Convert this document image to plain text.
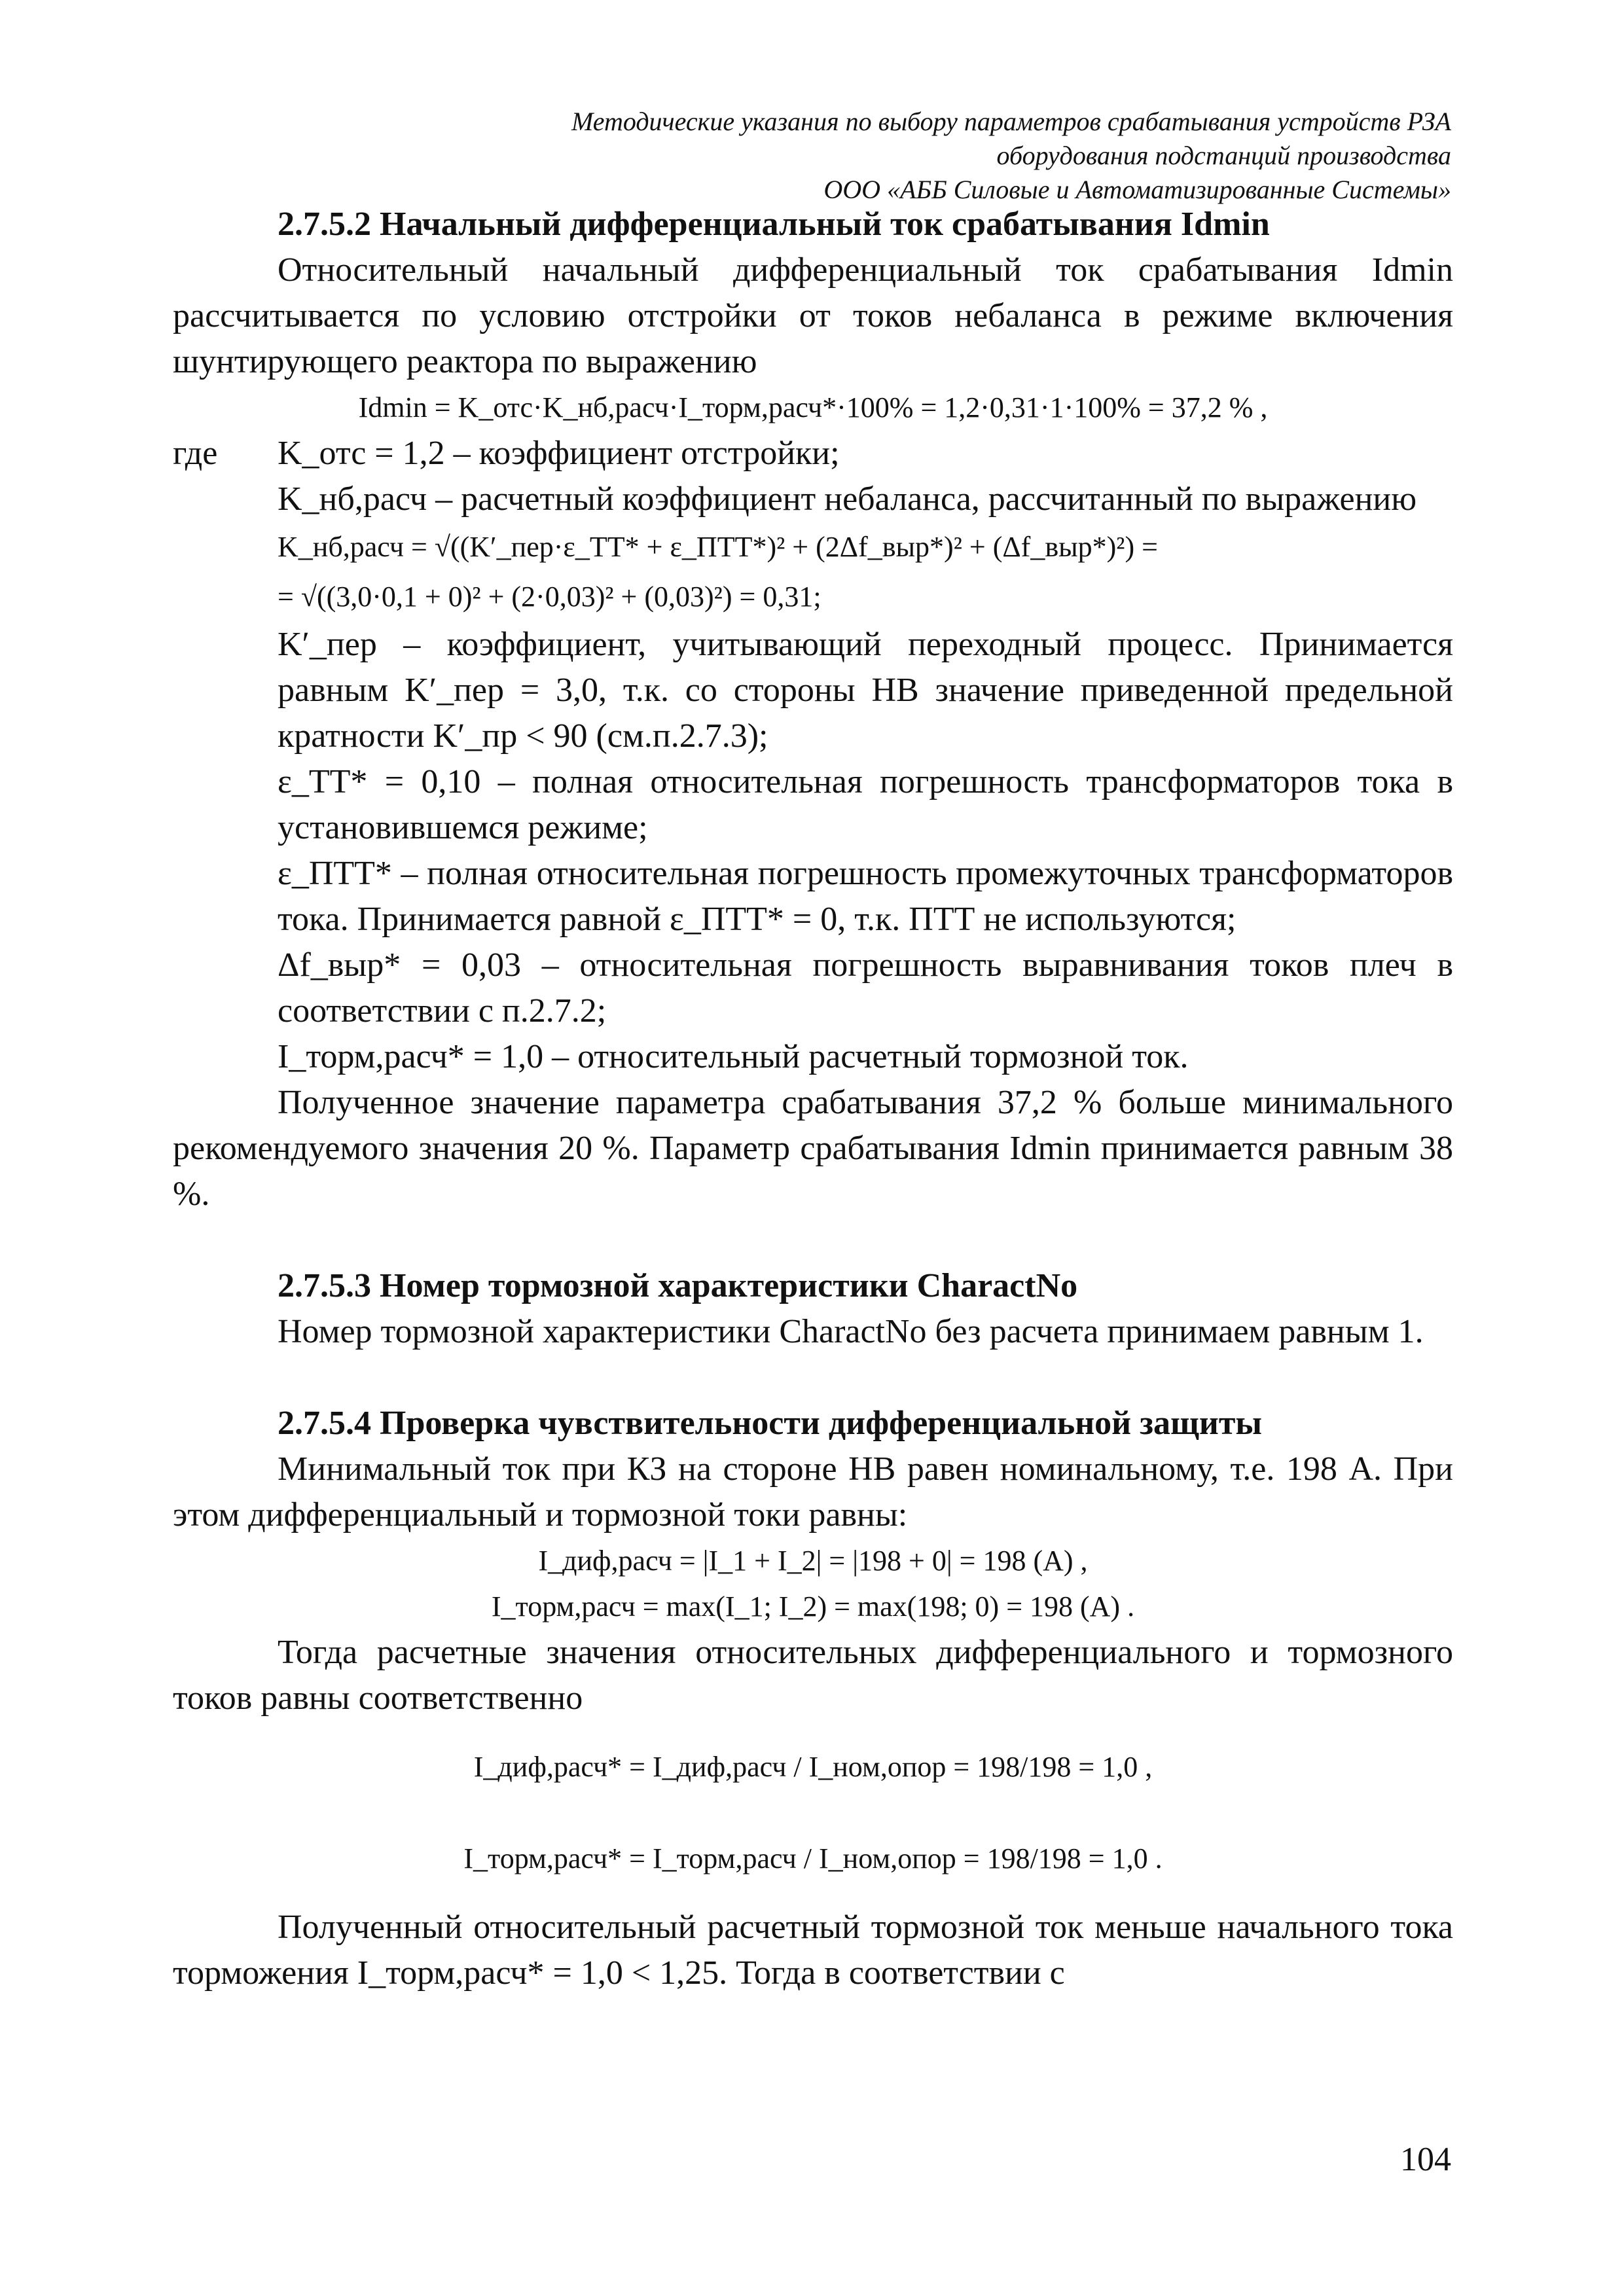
Методические указания по выбору параметров срабатывания устройств РЗА
оборудования подстанций производства
ООО «АББ Силовые и Автоматизированные Системы»

2.7.5.2 Начальный дифференциальный ток срабатывания Idmin

Относительный начальный дифференциальный ток срабатывания Idmin рассчитывается по условию отстройки от токов небаланса в режиме включения шунтирующего реактора по выражению

Idmin = K_отс·K_нб,расч·I_торм,расч*·100% = 1,2·0,31·1·100% = 37,2 % ,

где K_отс = 1,2 – коэффициент отстройки;

K_нб,расч – расчетный коэффициент небаланса, рассчитанный по выражению

K_нб,расч = √((K′_пер·ε_ТТ* + ε_ПТТ*)² + (2Δf_выр*)² + (Δf_выр*)²) =

= √((3,0·0,1 + 0)² + (2·0,03)² + (0,03)²) = 0,31;

K′_пер – коэффициент, учитывающий переходный процесс. Принимается равным K′_пер = 3,0, т.к. со стороны НВ значение приведенной предельной кратности K′_пр < 90 (см.п.2.7.3);

ε_ТТ* = 0,10 – полная относительная погрешность трансформаторов тока в установившемся режиме;

ε_ПТТ* – полная относительная погрешность промежуточных трансформаторов тока. Принимается равной ε_ПТТ* = 0, т.к. ПТТ не используются;

Δf_выр* = 0,03 – относительная погрешность выравнивания токов плеч в соответствии с п.2.7.2;

I_торм,расч* = 1,0 – относительный расчетный тормозной ток.

Полученное значение параметра срабатывания 37,2 % больше минимального рекомендуемого значения 20 %. Параметр срабатывания Idmin принимается равным 38 %.

2.7.5.3 Номер тормозной характеристики CharactNo

Номер тормозной характеристики CharactNo без расчета принимаем равным 1.

2.7.5.4 Проверка чувствительности дифференциальной защиты

Минимальный ток при КЗ на стороне НВ равен номинальному, т.е. 198 А. При этом дифференциальный и тормозной токи равны:

I_диф,расч = |I_1 + I_2| = |198 + 0| = 198 (А) ,

I_торм,расч = max(I_1; I_2) = max(198; 0) = 198 (А) .

Тогда расчетные значения относительных дифференциального и тормозного токов равны соответственно

I_диф,расч* = I_диф,расч / I_ном,опор = 198/198 = 1,0 ,

I_торм,расч* = I_торм,расч / I_ном,опор = 198/198 = 1,0 .

Полученный относительный расчетный тормозной ток меньше начального тока торможения I_торм,расч* = 1,0 < 1,25. Тогда в соответствии с

104
